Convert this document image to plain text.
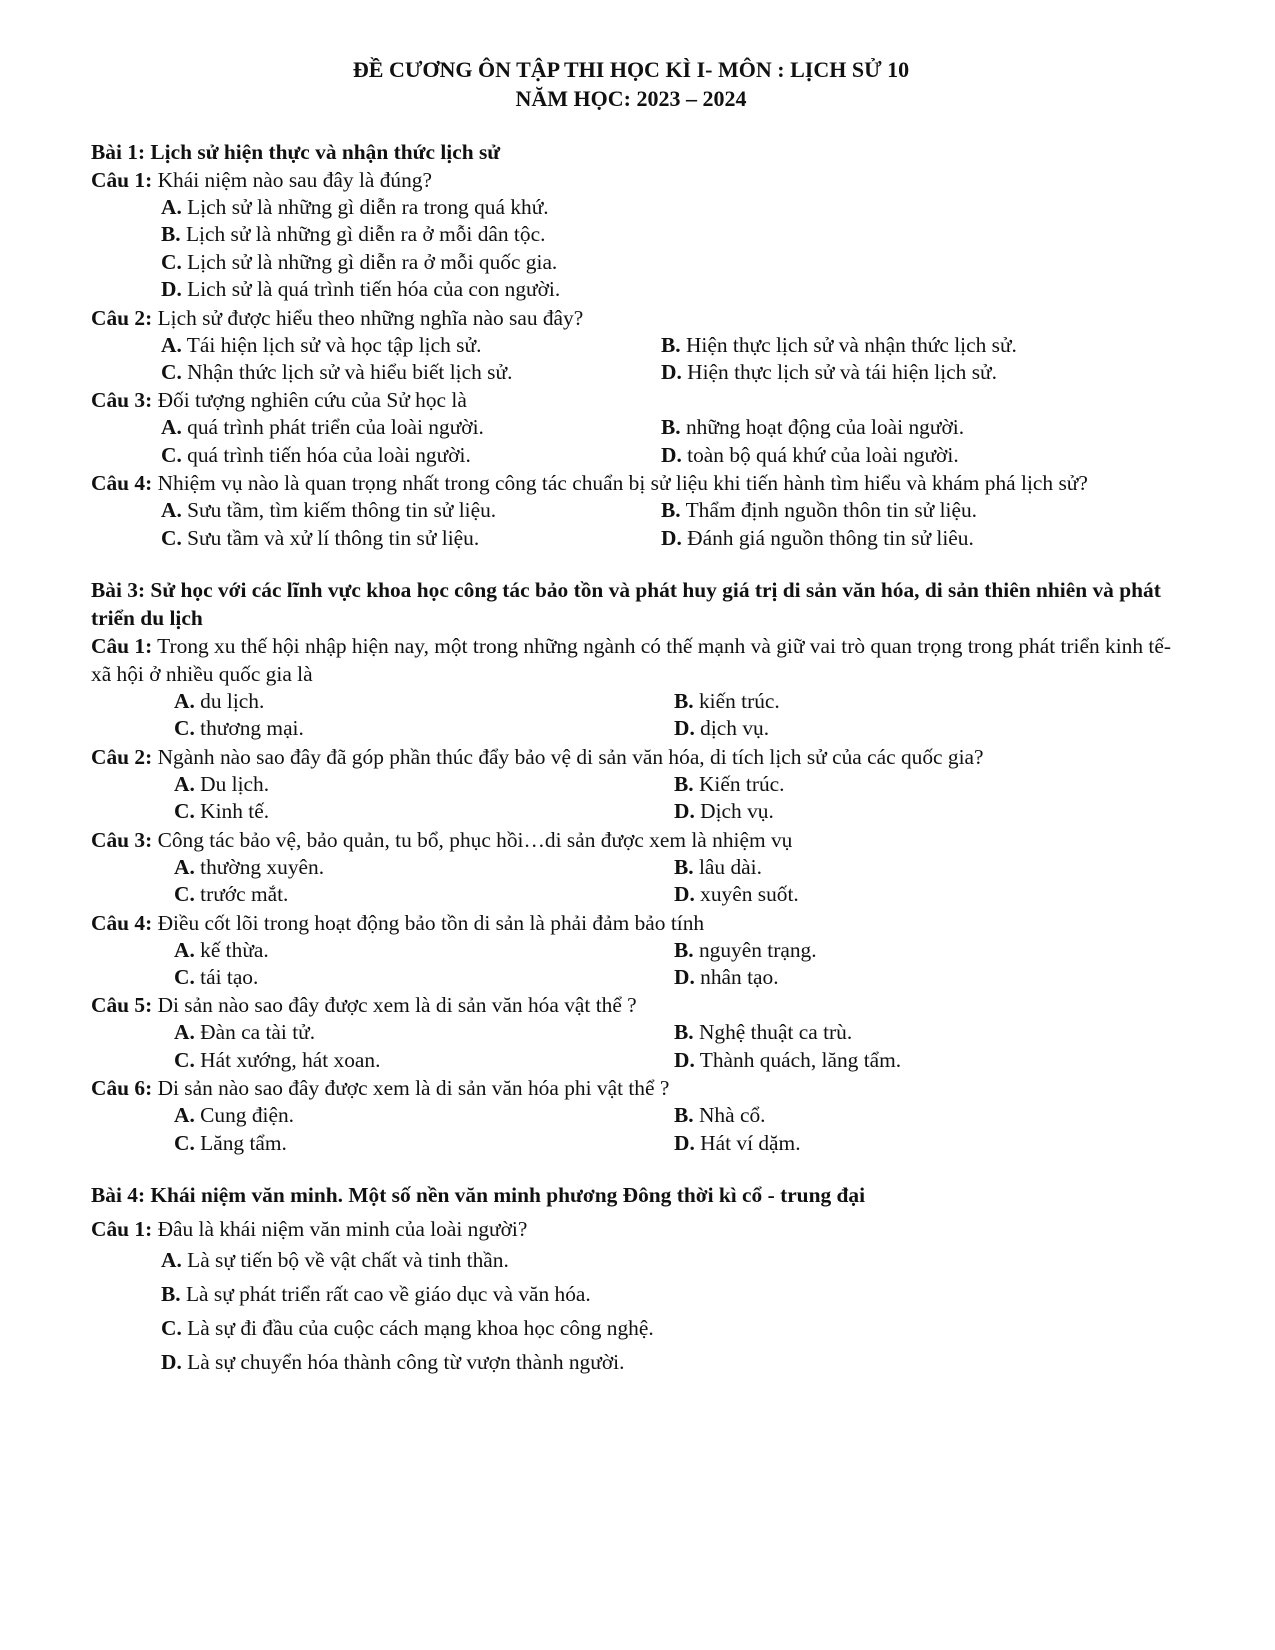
ĐỀ CƯƠNG ÔN TẬP THI HỌC KÌ I- MÔN : LỊCH SỬ 10
NĂM HỌC: 2023 – 2024
Bài 1: Lịch sử hiện thực và nhận thức lịch sử
Câu 1: Khái niệm nào sau đây là đúng?
A. Lịch sử là những gì diễn ra trong quá khứ.
B. Lịch sử là những gì diễn ra ở mỗi dân tộc.
C. Lịch sử là những gì diễn ra ở mỗi quốc gia.
D. Lich sử là quá trình tiến hóa của con người.
Câu 2: Lịch sử được hiểu theo những nghĩa nào sau đây?
A. Tái hiện lịch sử và học tập lịch sử.	B. Hiện thực lịch sử và nhận thức lịch sử.
C. Nhận thức lịch sử và hiểu biết lịch sử.	D. Hiện thực lịch sử và tái hiện lịch sử.
Câu 3: Đối tượng nghiên cứu của Sử học là
A. quá trình phát triển của loài người.	B. những hoạt động của loài người.
C. quá trình tiến hóa của loài người.	D. toàn bộ quá khứ của loài người.
Câu 4: Nhiệm vụ nào là quan trọng nhất trong công tác chuẩn bị sử liệu khi tiến hành tìm hiểu và khám phá lịch sử?
A. Sưu tầm, tìm kiếm thông tin sử liệu.	B. Thẩm định nguồn thôn tin sử liệu.
C. Sưu tầm và xử lí thông tin sử liệu.	D. Đánh giá nguồn thông tin sử liêu.
Bài 3: Sử học với các lĩnh vực khoa học công tác bảo tồn và phát huy giá trị di sản văn hóa, di sản thiên nhiên và phát triển du lịch
Câu 1: Trong xu thế hội nhập hiện nay, một trong những ngành có thế mạnh và giữ vai trò quan trọng trong phát triển kinh tế- xã hội ở nhiều quốc gia là
A. du lịch.	B. kiến trúc.
C. thương mại.	D. dịch vụ.
Câu 2: Ngành nào sao đây đã góp phần thúc đẩy bảo vệ di sản văn hóa, di tích lịch sử của các quốc gia?
A. Du lịch.	B. Kiến trúc.
C. Kinh tế.	D. Dịch vụ.
Câu 3: Công tác bảo vệ, bảo quản, tu bổ, phục hồi…di sản được xem là nhiệm vụ
A. thường xuyên.	B. lâu dài.
C. trước mắt.	D. xuyên suốt.
Câu 4: Điều cốt lõi trong hoạt động bảo tồn di sản là phải đảm bảo tính
A. kế thừa.	B. nguyên trạng.
C. tái tạo.	D. nhân tạo.
Câu 5: Di sản nào sao đây được xem là di sản văn hóa vật thể ?
A. Đàn ca tài tử.	B. Nghệ thuật ca trù.
C. Hát xướng, hát xoan.	D. Thành quách, lăng tẩm.
Câu 6: Di sản nào sao đây được xem là di sản văn hóa phi vật thể ?
A. Cung điện.	B. Nhà cổ.
C. Lăng tẩm.	D. Hát ví dặm.
Bài 4: Khái niệm văn minh. Một số nền văn minh phương Đông thời kì cổ - trung đại
Câu 1: Đâu là khái niệm văn minh của loài người?
A. Là sự tiến bộ về vật chất và tinh thần.
B. Là sự phát triển rất cao về giáo dục và văn hóa.
C. Là sự đi đầu của cuộc cách mạng khoa học công nghệ.
D. Là sự chuyển hóa thành công từ vượn thành người.
